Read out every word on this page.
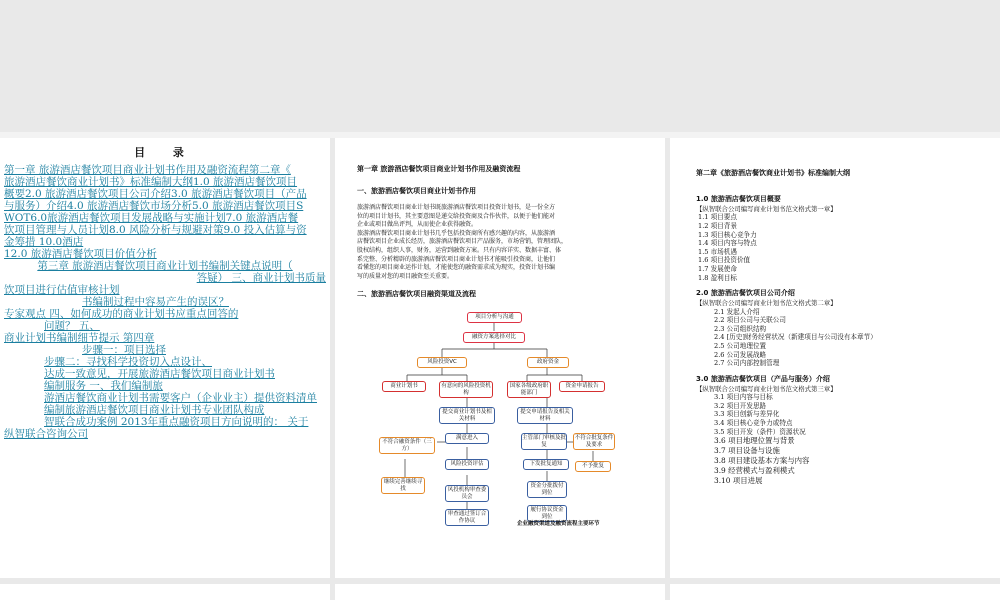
目 录
第一章 旅游酒店餐饮项目商业计划书作用及融资流程第二章《
旅游酒店餐饮商业计划书》标准编制大纲1.0 旅游酒店餐饮项目
概要2.0 旅游酒店餐饮项目公司介绍3.0 旅游酒店餐饮项目（产品
与服务）介绍4.0 旅游酒店餐饮市场分析5.0 旅游酒店餐饮项目S
WOT6.0旅游酒店餐饮项目发展战略与实施计划7.0 旅游酒店餐
饮项目管理与人员计划8.0 风险分析与规避对策9.0 投入估算与资
金筹措 10.0酒店
12.0 旅游酒店餐饮项目价值分析
第三章 旅游酒店餐饮项目商业计划书编制关键点说明（
答疑） 三、商业计划书质量
饮项目进行估值审核计划
书编制过程中容易产生的误区？
专家观点 四、如何成功的商业计划书应重点回答的
问题？ 五、
商业计划书编制细节提示 第四章
步骤一：项目选择
步骤二：寻找科学投资切入点设计、
达成一致意见，开展旅游酒店餐饮项目商业计划书
编制服务 一、我们编制旅
游酒店餐饮商业计划书需要客户（企业业主）提供资料清单
编制旅游酒店餐饮项目商业计划书专业团队构成
智联合成功案例 2013年重点融资项目方向说明的： 关于
纵智联合咨询公司
第一章 旅游酒店餐饮项目商业计划书作用及融资流程
一、旅游酒店餐饮项目商业计划书作用
旅游酒店餐饮项目商业计划书既旅游酒店餐饮项目投资计划书，是一份全方
位的项目计划书，其主要意图是递交给投资商及合作伙伴，以便于他们能对
企业或项目做出评判，从而使企业获得融资。
旅游酒店餐饮项目商业计划书几乎包括投资商所有感兴趣的内容，从旅游酒
店餐饮项目企业成长经历，旅游酒店餐饮项目产品服务，市场营销，管理团队，
股权结构，组织人事，财务，运营到融资方案。只有内容详实、数据丰富、体
系完整、分析精辟的旅游酒店餐饮项目商业计划书才能吸引投资商，让他们
看懂您的项目商业运作计划，才能使您的融资需求成为现实，投资计划书编
写的质量对您的项目融资至关重要。
二、旅游酒店餐饮项目融资渠道及流程
项目分析与沟通
融资方案选择对比
风险投资VC	政府资金
商业计划书	有意向的风险投资机构
国家各级政府职能部门
资金申请报告
提交商业计划书及相关材料
提交申请报告及相关材料
满意进入
不符合融资条件（三方）
风险投资评估
主管部门审核及批复
不符合批复条件及要求
继续完善继续寻找	风投机构审查委员会
下发批复通知	不予批复
审查通过签订合作协议
资金分批拨付到位
履行协议资金到位
企业融资渠道及融资流程主要环节
第二章《旅游酒店餐饮商业计划书》标准编制大纲
1.0 旅游酒店餐饮项目概要
【纵智联合公司编写商业计划书范文格式第一章】
1.1 项目要点
1.2 项目背景
1.3 项目核心竞争力
1.4 项目内容与特点
1.5 市场机遇
1.6 项目投资价值
1.7 发展使命
1.8 盈利目标
2.0 旅游酒店餐饮项目公司介绍
【纵智联合公司编写商业计划书范文格式第二章】
2.1 发起人介绍
2.2 项目公司与关联公司
2.3 公司组织结构
2.4 [历史]财务经营状况（新建项目与公司没有本章节）
2.5 公司地理位置
2.6 公司发展战略
2.7 公司内部控制管理
3.0 旅游酒店餐饮项目（产品与服务）介绍
【纵智联合公司编写商业计划书范文格式第三章】
3.1 项目内容与目标
3.2 项目开发思路
3.3 项目创新与差异化
3.4 项目核心竞争力或特点
3.5 项目开发（条件）资源状况
3.6 项目地理位置与背景
3.7 项目设备与设施
3.8 项目建设基本方案与内容
3.9 经营模式与盈利模式
3.10 项目进展
